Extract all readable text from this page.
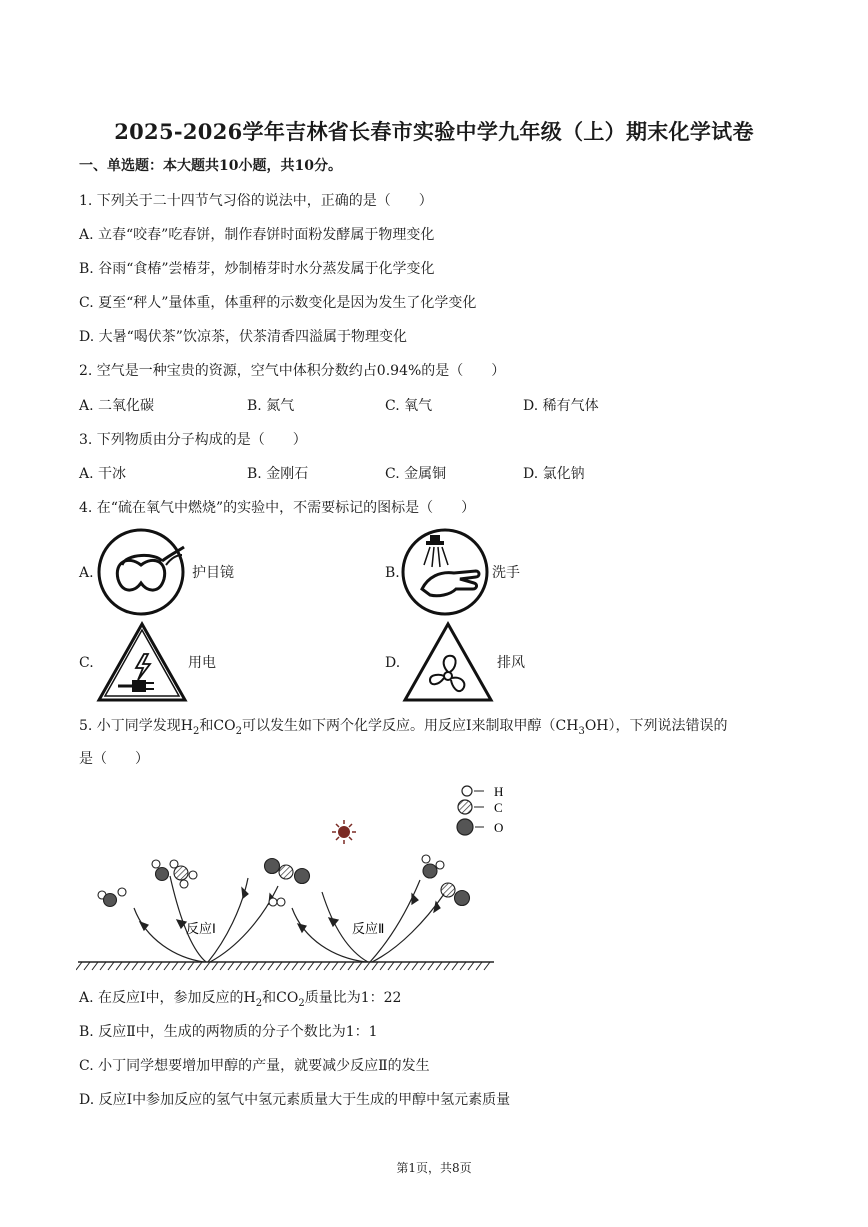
2025-2026学年吉林省长春市实验中学九年级（上）期末化学试卷
一、单选题：本大题共10小题，共10分。
1. 下列关于二十四节气习俗的说法中，正确的是（　　）
A. 立春“咬春”吃春饼，制作春饼时面粉发酵属于物理变化
B. 谷雨“食椿”尝椿芽，炒制椿芽时水分蒸发属于化学变化
C. 夏至“秤人”量体重，体重秤的示数变化是因为发生了化学变化
D. 大暑“喝伏茶”饮凉茶，伏茶清香四溢属于物理变化
2. 空气是一种宝贵的资源，空气中体积分数约占0.94%的是（　　）
A. 二氧化碳	B. 氮气	C. 氧气	D. 稀有气体
3. 下列物质由分子构成的是（　　）
A. 干冰	B. 金刚石	C. 金属铜	D. 氯化钠
4. 在“硫在氧气中燃烧”的实验中，不需要标记的图标是（　　）
A.	护目镜	B.	洗手
C.	用电	D.	排风
5. 小丁同学发现$H_2$和$CO_2$可以发生如下两个化学反应。用反应Ⅰ来制取甲醇$(CH_3OH)$，下列说法错误的
是（　　）
H
C
O
反应Ⅰ	反应Ⅱ
A. 在反应Ⅰ中，参加反应的$H_2$和$CO_2$质量比为1：22
B. 反应Ⅱ中，生成的两物质的分子个数比为1：1
C. 小丁同学想要增加甲醇的产量，就要减少反应Ⅱ的发生
D. 反应Ⅰ中参加反应的氢气中氢元素质量大于生成的甲醇中氢元素质量
第1页，共8页
